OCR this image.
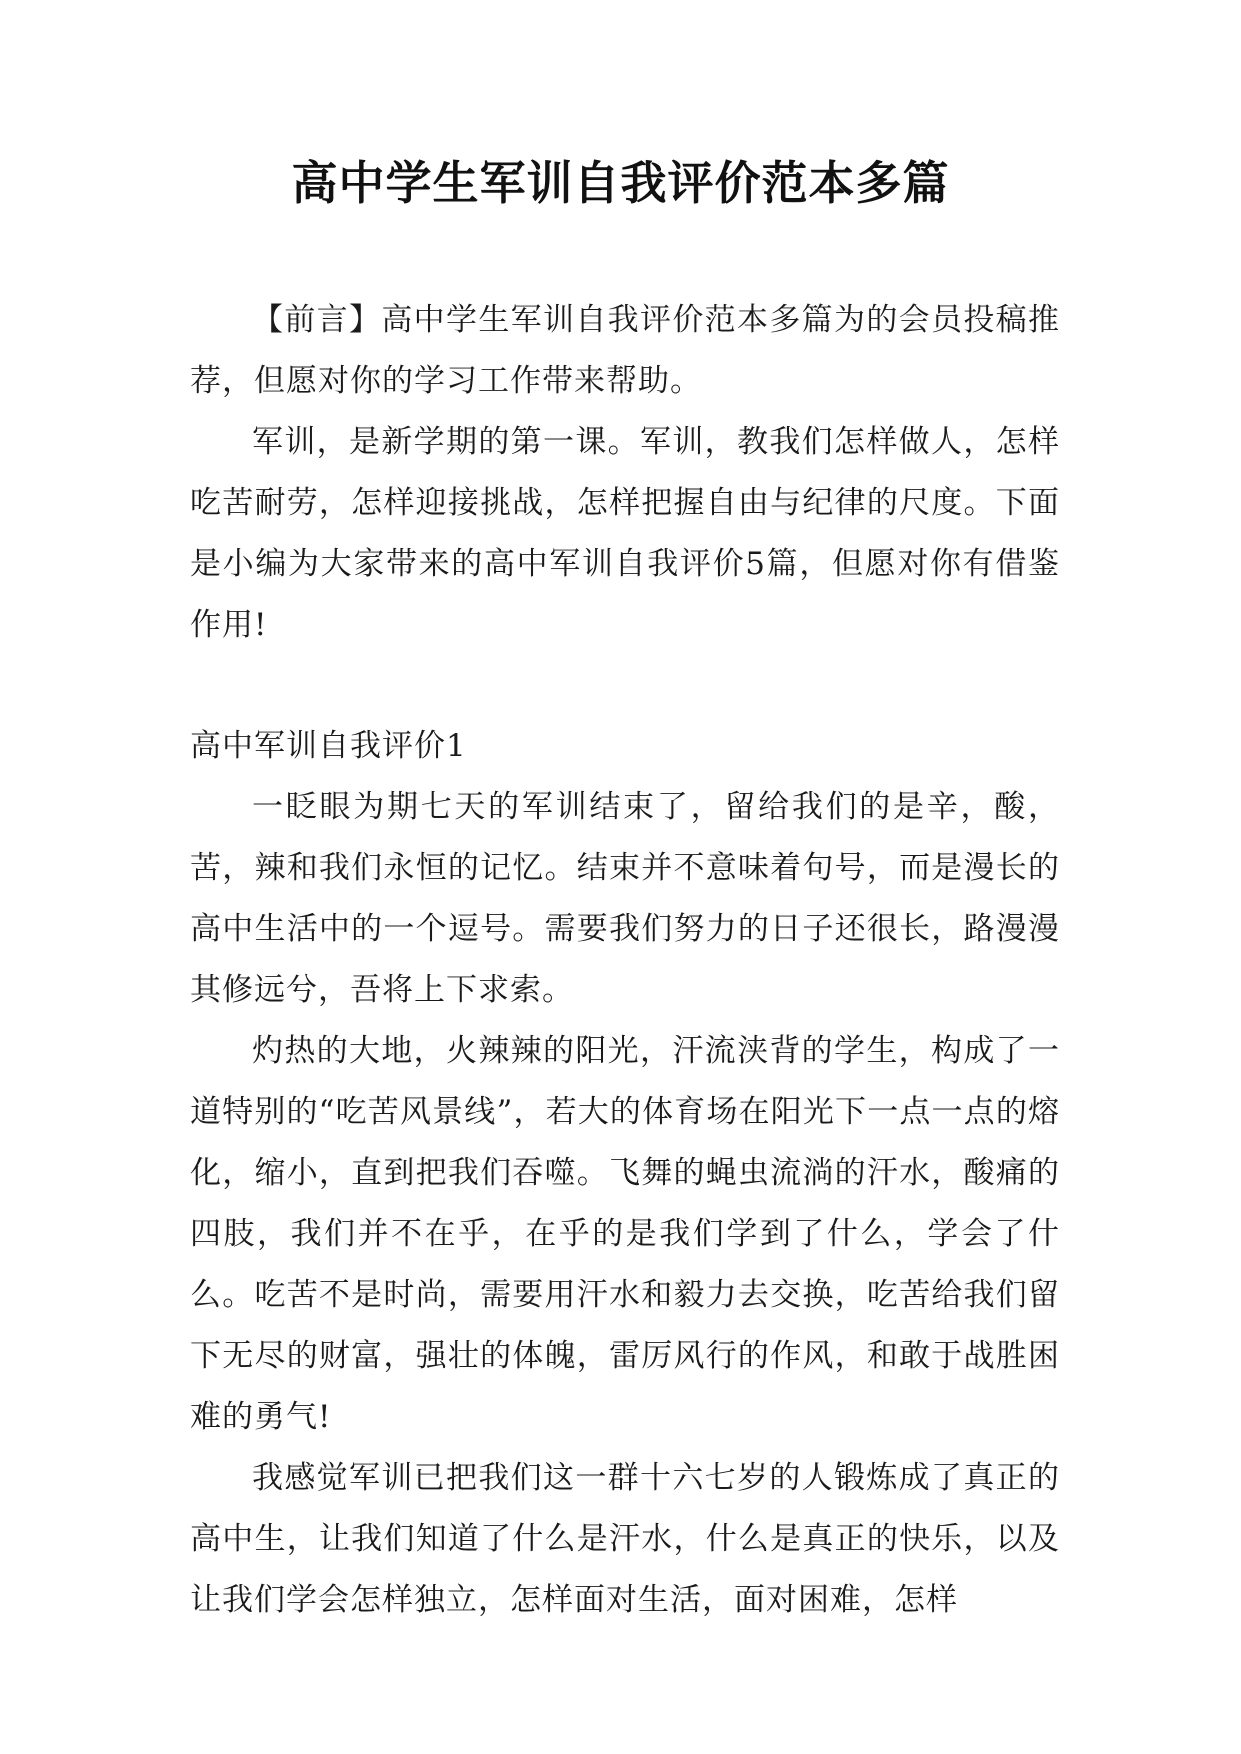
高中学生军训自我评价范本多篇

【前言】高中学生军训自我评价范本多篇为的会员投稿推荐，但愿对你的学习工作带来帮助。

军训，是新学期的第一课。军训，教我们怎样做人，怎样吃苦耐劳，怎样迎接挑战，怎样把握自由与纪律的尺度。下面是小编为大家带来的高中军训自我评价5篇，但愿对你有借鉴作用!

高中军训自我评价1

一眨眼为期七天的军训结束了，留给我们的是辛，酸，苦，辣和我们永恒的记忆。结束并不意味着句号，而是漫长的高中生活中的一个逗号。需要我们努力的日子还很长，路漫漫其修远兮，吾将上下求索。

灼热的大地，火辣辣的阳光，汗流浃背的学生，构成了一道特别的“吃苦风景线”，若大的体育场在阳光下一点一点的熔化，缩小，直到把我们吞噬。飞舞的蝇虫流淌的汗水，酸痛的四肢，我们并不在乎，在乎的是我们学到了什么，学会了什么。吃苦不是时尚，需要用汗水和毅力去交换，吃苦给我们留下无尽的财富，强壮的体魄，雷厉风行的作风，和敢于战胜困难的勇气!

我感觉军训已把我们这一群十六七岁的人锻炼成了真正的高中生，让我们知道了什么是汗水，什么是真正的快乐，以及让我们学会怎样独立，怎样面对生活，面对困难，怎样
